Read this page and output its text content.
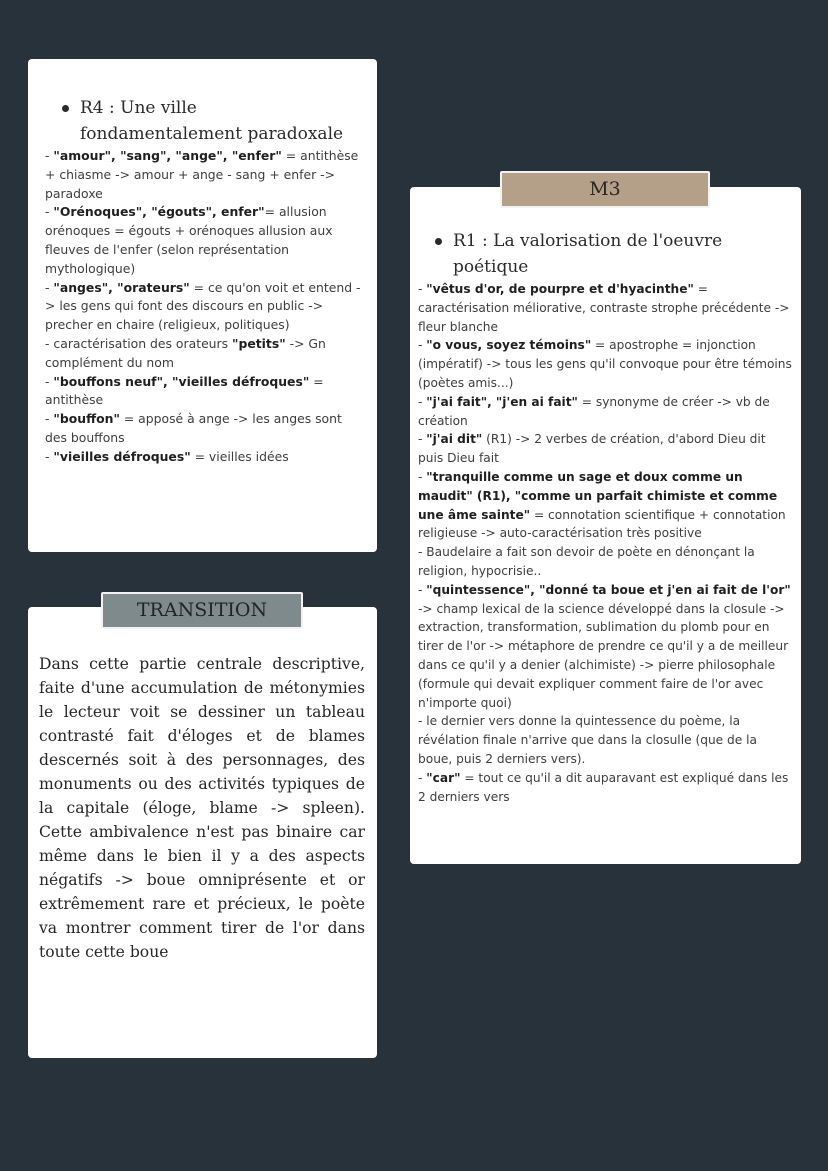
R4 : Une ville fondamentalement paradoxale
- "amour", "sang", "ange", "enfer" = antithèse + chiasme -> amour + ange - sang + enfer -> paradoxe
- "Orénoques", "égouts", enfer"= allusion orénoques = égouts + orénoques allusion aux fleuves de l'enfer (selon représentation mythologique)
- "anges", "orateurs" = ce qu'on voit et entend -> les gens qui font des discours en public -> precher en chaire (religieux, politiques)
- caractérisation des orateurs "petits" -> Gn complément du nom
- "bouffons neuf", "vieilles défroques" = antithèse
- "bouffon" = apposé à ange -> les anges sont des bouffons
- "vieilles défroques" = vieilles idées

Dans cette partie centrale descriptive, faite d'une accumulation de métonymies le lecteur voit se dessiner un tableau contrasté fait d'éloges et de blames descernés soit à des personnages, des monuments ou des activités typiques de la capitale (éloge, blame -> spleen). Cette ambivalence n'est pas binaire car même dans le bien il y a des aspects négatifs -> boue omniprésente et or extrêmement rare et précieux, le poète va montrer comment tirer de l'or dans toute cette boue

TRANSITION
R1 : La valorisation de l'oeuvre poétique
- "vêtus d'or, de pourpre et d'hyacinthe" = caractérisation méliorative, contraste strophe précédente -> fleur blanche
- "o vous, soyez témoins" = apostrophe = injonction (impératif) -> tous les gens qu'il convoque pour être témoins (poètes amis...)
- "j'ai fait", "j'en ai fait" = synonyme de créer -> vb de création
- "j'ai dit" (R1) -> 2 verbes de création, d'abord Dieu dit puis Dieu fait
- "tranquille comme un sage et doux comme un maudit" (R1), "comme un parfait chimiste et comme une âme sainte" = connotation scientifique + connotation religieuse -> auto-caractérisation très positive
- Baudelaire a fait son devoir de poète en dénonçant la religion, hypocrisie..
- "quintessence", "donné ta boue et j'en ai fait de l'or" -> champ lexical de la science développé dans la closule -> extraction, transformation, sublimation du plomb pour en tirer de l'or -> métaphore de prendre ce qu'il y a de meilleur dans ce qu'il y a denier (alchimiste) -> pierre philosophale (formule qui devait expliquer comment faire de l'or avec n'importe quoi)
- le dernier vers donne la quintessence du poème, la révélation finale n'arrive que dans la closulle (que de la boue, puis 2 derniers vers).
- "car" = tout ce qu'il a dit auparavant est expliqué dans les 2 derniers vers
M3
